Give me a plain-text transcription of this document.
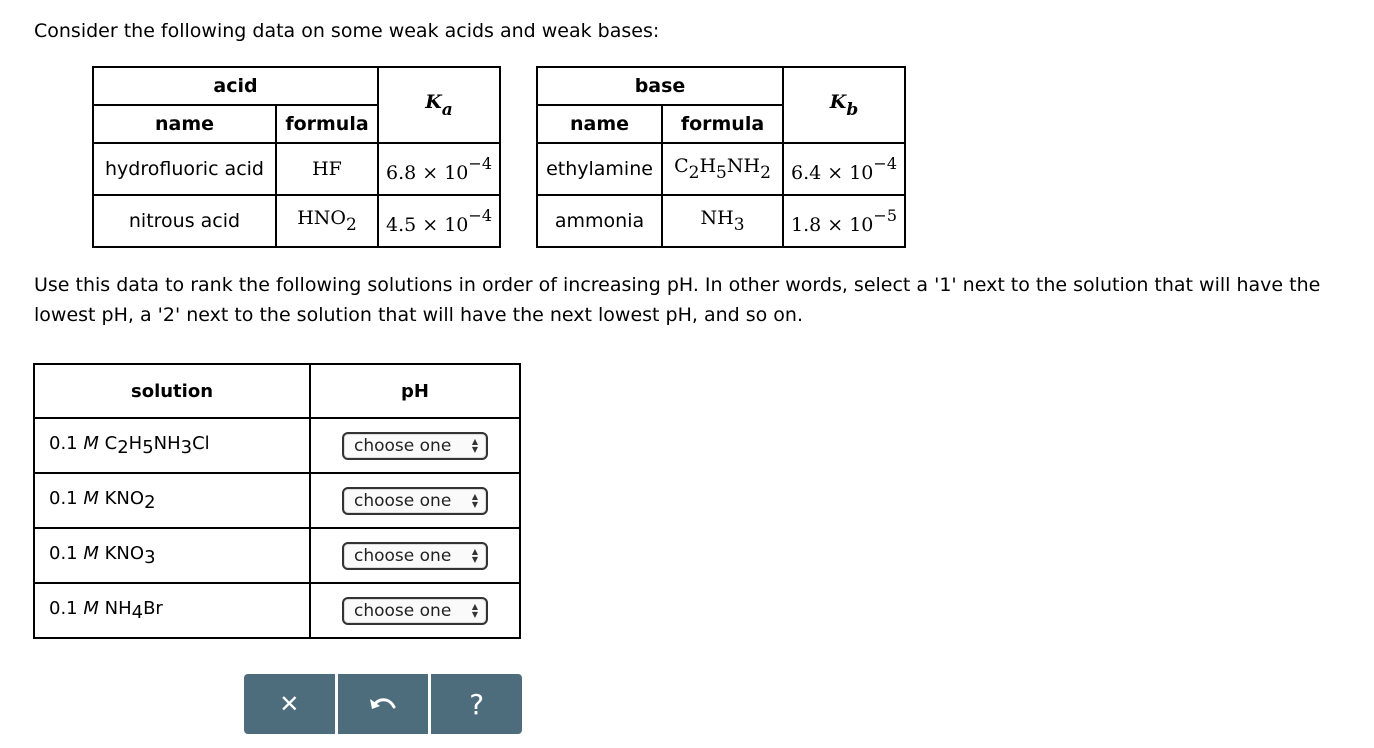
Consider the following data on some weak acids and weak bases:
acid		$K_a$
name	formula	
hydrofluoric acid	HF	$6.8 \times 10^{-4}$
nitrous acid	$HNO_2$	$4.5 \times 10^{-4}$
base		$K_b$
name	formula	
ethylamine	$C_2H_5NH_2$	$6.4 \times 10^{-4}$
ammonia	$NH_3$	$1.8 \times 10^{-5}$
Use this data to rank the following solutions in order of increasing pH. In other words, select a '1' next to the solution that will have the lowest pH, a '2' next to the solution that will have the next lowest pH, and so on.
solution	pH
0.1 M $C_2H_5NH_3Cl$	choose one ▲
▼

0.1 M $KNO_2$	choose one ▲
▼

0.1 M $KNO_3$	choose one ▲
▼

0.1 M $NH_4Br$	choose one ▲
▼
✕	?
